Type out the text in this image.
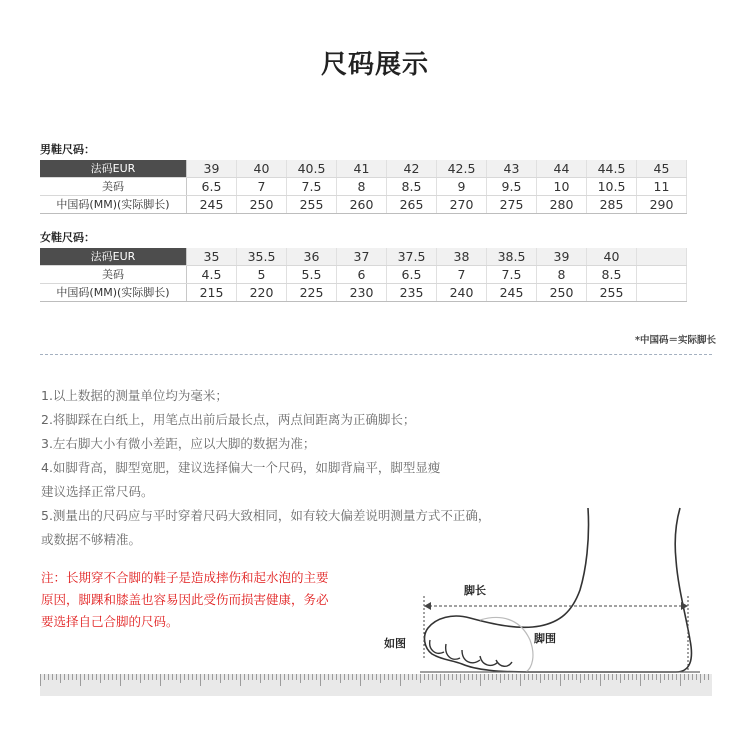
尺码展示
男鞋尺码：
法码EUR	39	40	40.5	41	42	42.5	43	44	44.5	45
美码	6.5	7	7.5	8	8.5	9	9.5	10	10.5	11
中国码(MM)(实际脚长)	245	250	255	260	265	270	275	280	285	290
女鞋尺码：
法码EUR	35	35.5	36	37	37.5	38	38.5	39	40	
美码	4.5	5	5.5	6	6.5	7	7.5	8	8.5	
中国码(MM)(实际脚长)	215	220	225	230	235	240	245	250	255	
*中国码＝实际脚长
1.以上数据的测量单位均为毫米；
2.将脚踩在白纸上，用笔点出前后最长点，两点间距离为正确脚长；
3.左右脚大小有微小差距，应以大脚的数据为准；
4.如脚背高，脚型宽肥，建议选择偏大一个尺码，如脚背扁平，脚型显瘦
建议选择正常尺码。
5.测量出的尺码应与平时穿着尺码大致相同，如有较大偏差说明测量方式不正确，
或数据不够精准。
注：长期穿不合脚的鞋子是造成摔伤和起水泡的主要
原因，脚踝和膝盖也容易因此受伤而损害健康，务必
要选择自己合脚的尺码。
脚长
脚围
如图
